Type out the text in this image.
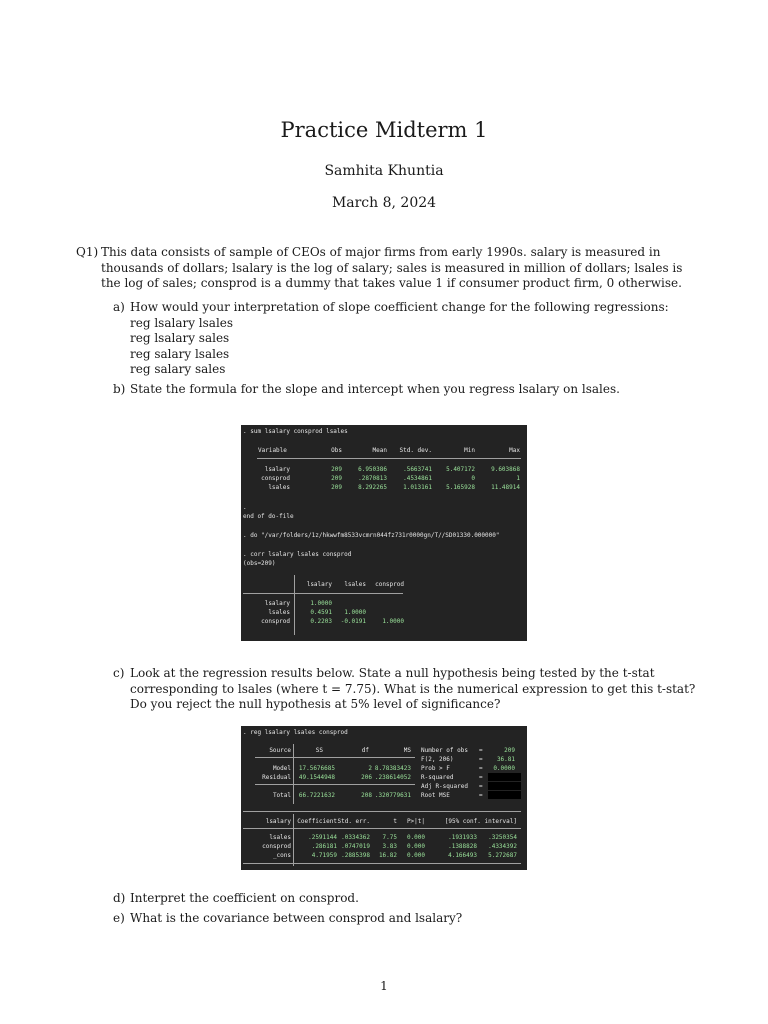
Practice Midterm 1
Samhita Khuntia
March 8, 2024
Q1) This data consists of sample of CEOs of major firms from early 1990s. salary is measured in thousands of dollars; lsalary is the log of salary; sales is measured in million of dollars; lsales is the log of sales; consprod is a dummy that takes value 1 if consumer product firm, 0 otherwise.
a) How would your interpretation of slope coefficient change for the following regressions:
reg lsalary lsales
reg lsalary sales
reg salary lsales
reg salary sales
b) State the formula for the slope and intercept when you regress lsalary on lsales.
. sum lsalary consprod lsales
Variable	Obs	Mean Std. dev.	Min	Max
lsalary	209	6.950386	.5663741 5.407172	9.603868
consprod	209	.2870813	.4534861	0	1
lsales	209	8.292265	1.013161 5.165928	11.48914
.
end of do-file
. do "/var/folders/1z/hkwwfm8533vcmrn044fz731r0000gn/T//SD01330.000000"
. corr lsalary lsales consprod
(obs=209)
lsalary lsales consprod
lsalary	1.0000
lsales	0.4591 1.0000
consprod	0.2203 -0.0191	1.0000
c) Look at the regression results below. State a null hypothesis being tested by the t-stat corresponding to lsales (where t = 7.75). What is the numerical expression to get this t-stat? Do you reject the null hypothesis at 5% level of significance?
. reg lsalary lsales consprod
Source	SS	df	MS
Model 17.5676685	2 8.78383423
Residual 49.1544948	206 .238614052
Total 66.7221632	208 .320779631
Number of obs =	209
F(2, 206)	= 36.81
Prob > F	= 0.0000
R-squared	=
Adj R-squared =
Root MSE	=
lsalary Coefficient Std. err.	t P>|t|	[95% conf. interval]
lsales	.2591144 .0334362 7.75 0.000	.1931933 .3250354
consprod	.286181 .0747019 3.83 0.000	.1388828 .4334392
_cons	4.71959 .2885398 16.82 0.000	4.166493 5.272687
d) Interpret the coefficient on consprod.
e) What is the covariance between consprod and lsalary?
1
